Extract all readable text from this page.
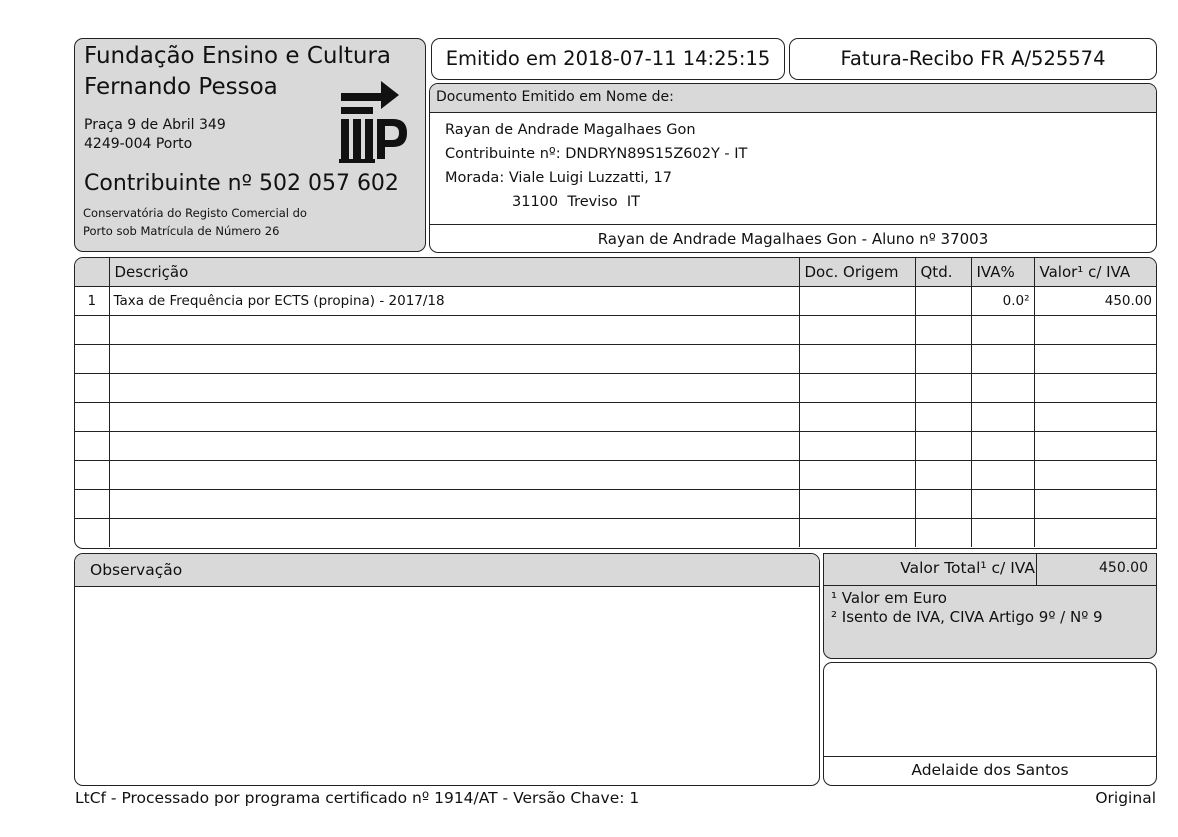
Fundação Ensino e Cultura
Fernando Pessoa
Praça 9 de Abril 349
4249-004 Porto
Contribuinte nº 502 057 602
Conservatória do Registo Comercial do
Porto sob Matrícula de Número 26
Emitido em 2018-07-11 14:25:15	Fatura-Recibo FR A/525574
Documento Emitido em Nome de:
Rayan de Andrade Magalhaes Gon
Contribuinte nº: DNDRYN89S15Z602Y - IT
Morada: Viale Luigi Luzzatti, 17
31100  Treviso  IT
Rayan de Andrade Magalhaes Gon - Aluno nº 37003
	Descrição	Doc. Origem	Qtd.	IVA%	Valor¹ c/ IVA
1	Taxa de Frequência por ECTS (propina) - 2017/18			0.0²	450.00

Observação	Valor Total¹ c/ IVA	450.00
¹ Valor em Euro
² Isento de IVA, CIVA Artigo 9º / Nº 9
Adelaide dos Santos
LtCf - Processado por programa certificado nº 1914/AT - Versão Chave: 1	Original
